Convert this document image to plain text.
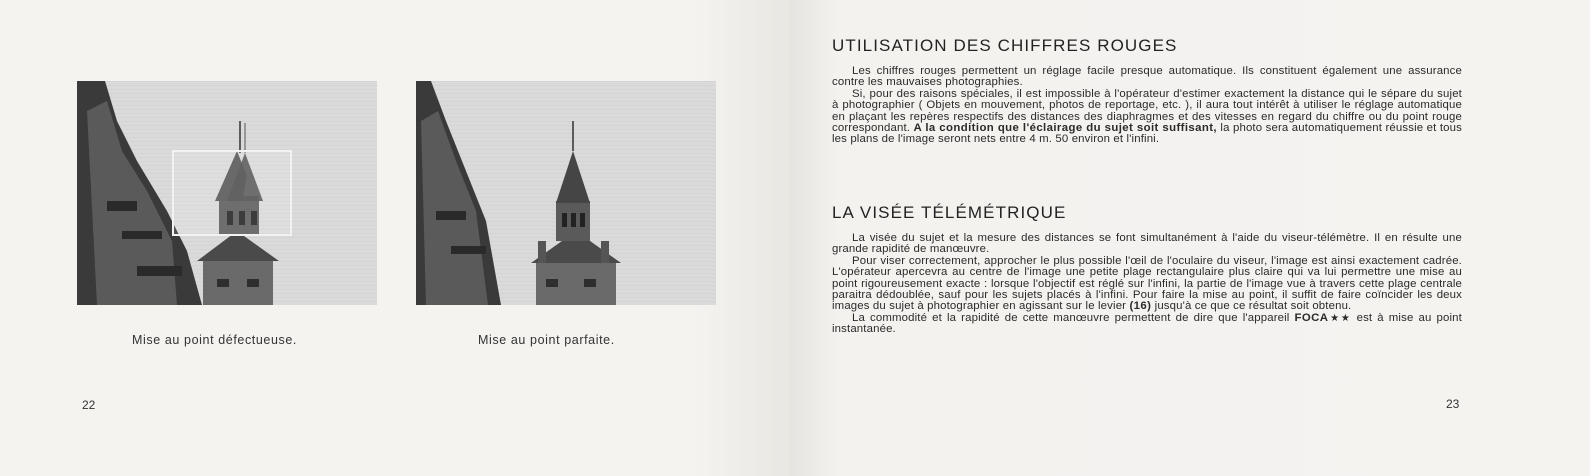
Mise au point défectueuse.	Mise au point parfaite.
22
UTILISATION DES CHIFFRES ROUGES

Les chiffres rouges permettent un réglage facile presque automatique. Ils constituent également une assurance contre les mauvaises photographies.

Si, pour des raisons spéciales, il est impossible à l'opérateur d'estimer exactement la distance qui le sépare du sujet à photographier ( Objets en mouvement, photos de reportage, etc. ), il aura tout intérêt à utiliser le réglage automatique en plaçant les repères respectifs des distances des diaphragmes et des vitesses en regard du chiffre ou du point rouge correspondant. A la condition que l'éclairage du sujet soit suffisant, la photo sera automatiquement réussie et tous les plans de l'image seront nets entre 4 m. 50 environ et l'infini.

LA VISÉE TÉLÉMÉTRIQUE

La visée du sujet et la mesure des distances se font simultanément à l'aide du viseur-télémètre. Il en résulte une grande rapidité de manœuvre.

Pour viser correctement, approcher le plus possible l'œil de l'oculaire du viseur, l'image est ainsi exactement cadrée. L'opérateur apercevra au centre de l'image une petite plage rectangulaire plus claire qui va lui permettre une mise au point rigoureusement exacte : lorsque l'objectif est réglé sur l'infini, la partie de l'image vue à travers cette plage centrale paraitra dédoublée, sauf pour les sujets placés à l'infini. Pour faire la mise au point, il suffit de faire coïncider les deux images du sujet à photographier en agissant sur le levier (16) jusqu'à ce que ce résultat soit obtenu.

La commodité et la rapidité de cette manœuvre permettent de dire que l'appareil FOCA★★ est à mise au point instantanée.

23
